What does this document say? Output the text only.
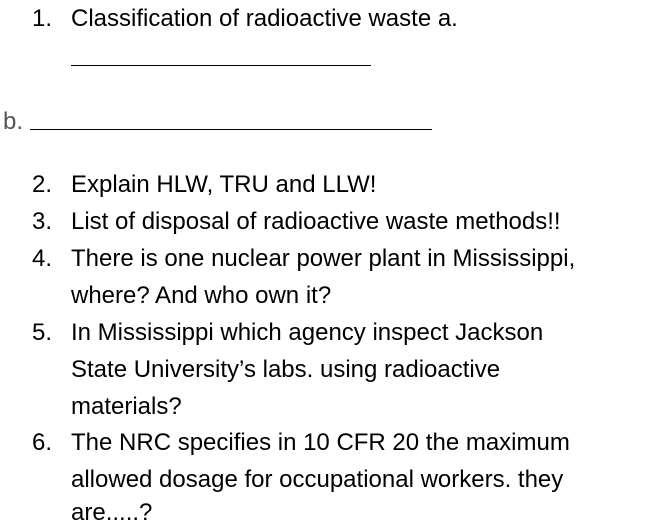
1. Classification of radioactive waste a.
b.
2. Explain HLW, TRU and LLW!
3. List of disposal of radioactive waste methods!!
4. There is one nuclear power plant in Mississippi,
where? And who own it?
5. In Mississippi which agency inspect Jackson
State University’s labs. using radioactive
materials?
6. The NRC specifies in 10 CFR 20 the maximum
allowed dosage for occupational workers. they
are.....?
